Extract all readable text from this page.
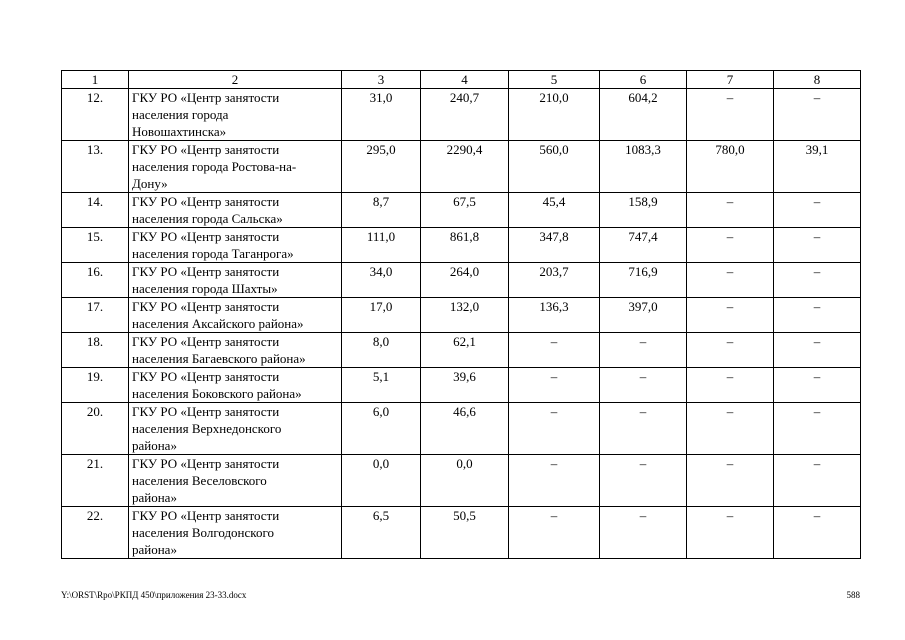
1	2	3	4	5	6	7	8
12.	ГКУ РО «Центр занятости
населения города
Новошахтинска»	31,0	240,7	210,0	604,2	–	–
13.	ГКУ РО «Центр занятости
населения города Ростова-на-
Дону»	295,0	2290,4	560,0	1083,3	780,0	39,1
14.	ГКУ РО «Центр занятости
населения города Сальска»	8,7	67,5	45,4	158,9	–	–
15.	ГКУ РО «Центр занятости
населения города Таганрога»	111,0	861,8	347,8	747,4	–	–
16.	ГКУ РО «Центр занятости
населения города Шахты»	34,0	264,0	203,7	716,9	–	–
17.	ГКУ РО «Центр занятости
населения Аксайского района»	17,0	132,0	136,3	397,0	–	–
18.	ГКУ РО «Центр занятости
населения Багаевского района»	8,0	62,1	–	–	–	–
19.	ГКУ РО «Центр занятости
населения Боковского района»	5,1	39,6	–	–	–	–
20.	ГКУ РО «Центр занятости
населения Верхнедонского
района»	6,0	46,6	–	–	–	–
21.	ГКУ РО «Центр занятости
населения Веселовского
района»	0,0	0,0	–	–	–	–
22.	ГКУ РО «Центр занятости
населения Волгодонского
района»	6,5	50,5	–	–	–	–
Y:\ORST\Rpo\РКПД 450\приложения 23-33.docx	588
